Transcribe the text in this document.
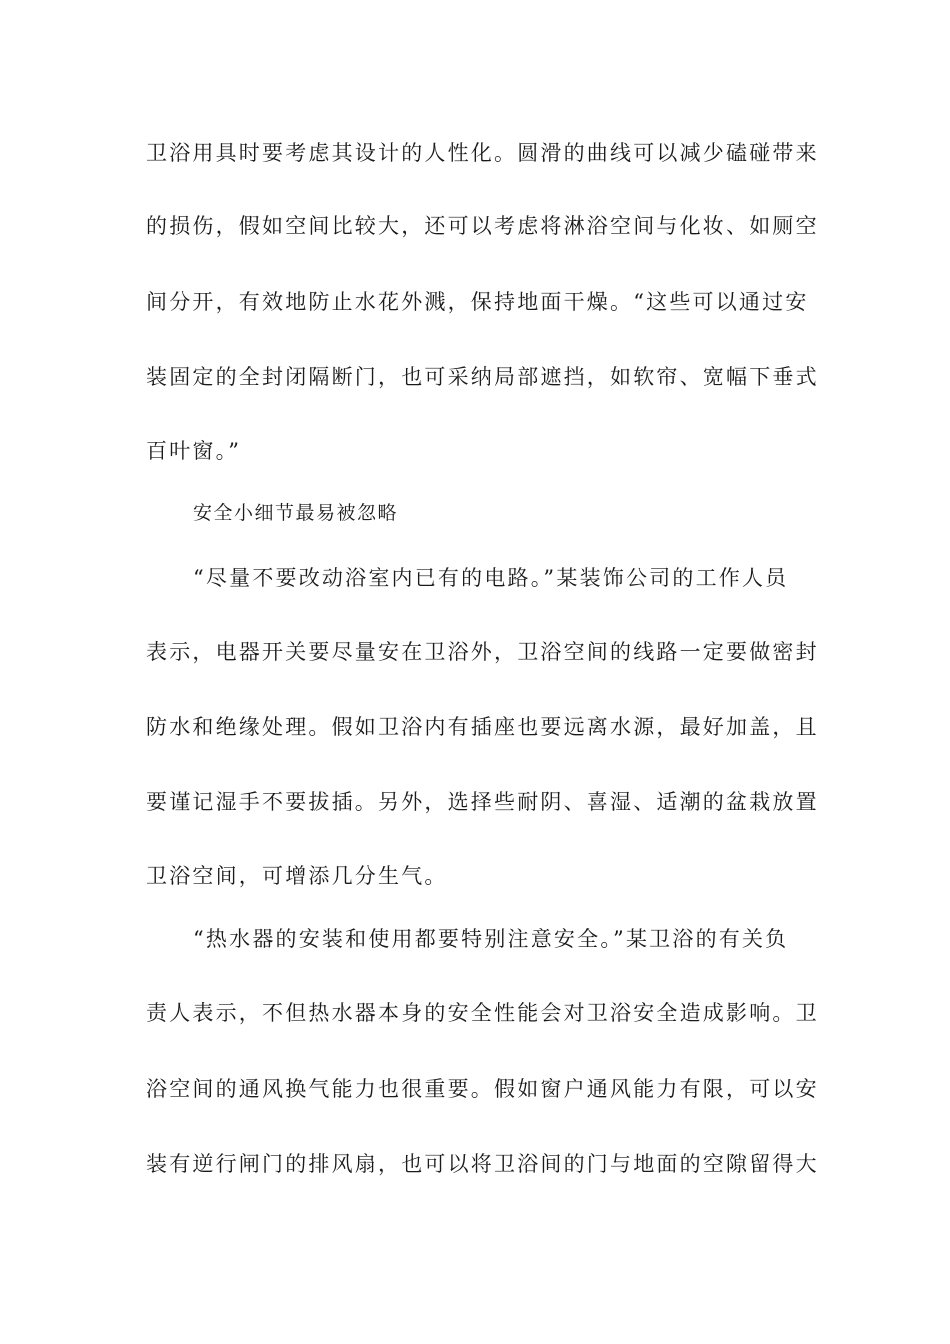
卫浴用具时要考虑其设计的人性化。圆滑的曲线可以减少磕碰带来
的损伤，假如空间比较大，还可以考虑将淋浴空间与化妆、如厕空
间分开，有效地防止水花外溅，保持地面干燥。“这些可以通过安
装固定的全封闭隔断门，也可采纳局部遮挡，如软帘、宽幅下垂式
百叶窗。”
安全小细节最易被忽略
“尽量不要改动浴室内已有的电路。”某装饰公司的工作人员
表示，电器开关要尽量安在卫浴外，卫浴空间的线路一定要做密封
防水和绝缘处理。假如卫浴内有插座也要远离水源，最好加盖，且
要谨记湿手不要拔插。另外，选择些耐阴、喜湿、适潮的盆栽放置
卫浴空间，可增添几分生气。
“热水器的安装和使用都要特别注意安全。”某卫浴的有关负
责人表示，不但热水器本身的安全性能会对卫浴安全造成影响。卫
浴空间的通风换气能力也很重要。假如窗户通风能力有限，可以安
装有逆行闸门的排风扇，也可以将卫浴间的门与地面的空隙留得大
